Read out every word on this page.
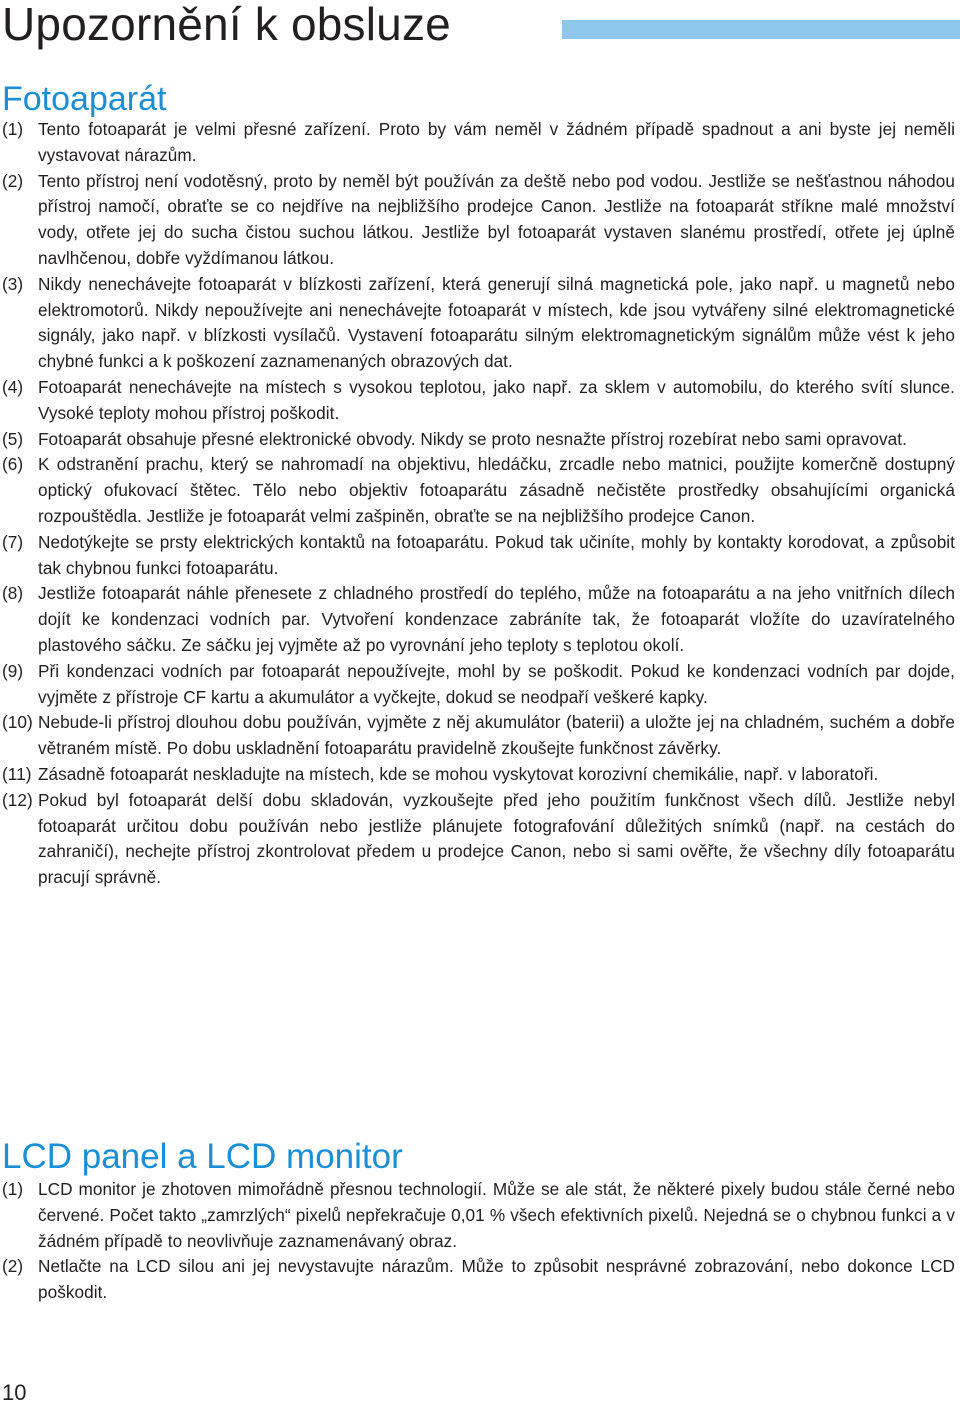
Upozornění k obsluze
Fotoaparát
(1) Tento fotoaparát je velmi přesné zařízení. Proto by vám neměl v žádném případě spadnout a ani byste jej neměli vystavovat nárazům.
(2) Tento přístroj není vodotěsný, proto by neměl být používán za deště nebo pod vodou. Jestliže se nešťastnou náhodou přístroj namočí, obraťte se co nejdříve na nejbližšího prodejce Canon. Jestliže na fotoaparát stříkne malé množství vody, otřete jej do sucha čistou suchou látkou. Jestliže byl fotoaparát vystaven slanému prostředí, otřete jej úplně navlhčenou, dobře vyždímanou látkou.
(3) Nikdy nenechávejte fotoaparát v blízkosti zařízení, která generují silná magnetická pole, jako např. u magnetů nebo elektromotorů. Nikdy nepoužívejte ani nenechávejte fotoaparát v místech, kde jsou vytvářeny silné elektromagnetické signály, jako např. v blízkosti vysílačů. Vystavení fotoaparátu silným elektromagnetickým signálům může vést k jeho chybné funkci a k poškození zaznamenaných obrazových dat.
(4) Fotoaparát nenechávejte na místech s vysokou teplotou, jako např. za sklem v automobilu, do kterého svítí slunce. Vysoké teploty mohou přístroj poškodit.
(5) Fotoaparát obsahuje přesné elektronické obvody. Nikdy se proto nesnažte přístroj rozebírat nebo sami opravovat.
(6) K odstranění prachu, který se nahromadí na objektivu, hledáčku, zrcadle nebo matnici, použijte komerčně dostupný optický ofukovací štětec. Tělo nebo objektiv fotoaparátu zásadně nečistěte prostředky obsahujícími organická rozpouštědla. Jestliže je fotoaparát velmi zašpiněn, obraťte se na nejbližšího prodejce Canon.
(7) Nedotýkejte se prsty elektrických kontaktů na fotoaparátu. Pokud tak učiníte, mohly by kontakty korodovat, a způsobit tak chybnou funkci fotoaparátu.
(8) Jestliže fotoaparát náhle přenesete z chladného prostředí do teplého, může na fotoaparátu a na jeho vnitřních dílech dojít ke kondenzaci vodních par. Vytvoření kondenzace zabráníte tak, že fotoaparát vložíte do uzavíratelného plastového sáčku. Ze sáčku jej vyjměte až po vyrovnání jeho teploty s teplotou okolí.
(9) Při kondenzaci vodních par fotoaparát nepoužívejte, mohl by se poškodit. Pokud ke kondenzaci vodních par dojde, vyjměte z přístroje CF kartu a akumulátor a vyčkejte, dokud se neodpaří veškeré kapky.
(10) Nebude-li přístroj dlouhou dobu používán, vyjměte z něj akumulátor (baterii) a uložte jej na chladném, suchém a dobře větraném místě. Po dobu uskladnění fotoaparátu pravidelně zkoušejte funkčnost závěrky.
(11) Zásadně fotoaparát neskladujte na místech, kde se mohou vyskytovat korozivní chemikálie, např. v laboratoři.
(12) Pokud byl fotoaparát delší dobu skladován, vyzkoušejte před jeho použitím funkčnost všech dílů. Jestliže nebyl fotoaparát určitou dobu používán nebo jestliže plánujete fotografování důležitých snímků (např. na cestách do zahraničí), nechejte přístroj zkontrolovat předem u prodejce Canon, nebo si sami ověřte, že všechny díly fotoaparátu pracují správně.
LCD panel a LCD monitor
(1) LCD monitor je zhotoven mimořádně přesnou technologií. Může se ale stát, že některé pixely budou stále černé nebo červené. Počet takto „zamrzlých“ pixelů nepřekračuje 0,01 % všech efektivních pixelů. Nejedná se o chybnou funkci a v žádném případě to neovlivňuje zaznamenávaný obraz.
(2) Netlačte na LCD silou ani jej nevystavujte nárazům. Může to způsobit nesprávné zobrazování, nebo dokonce LCD poškodit.
10
